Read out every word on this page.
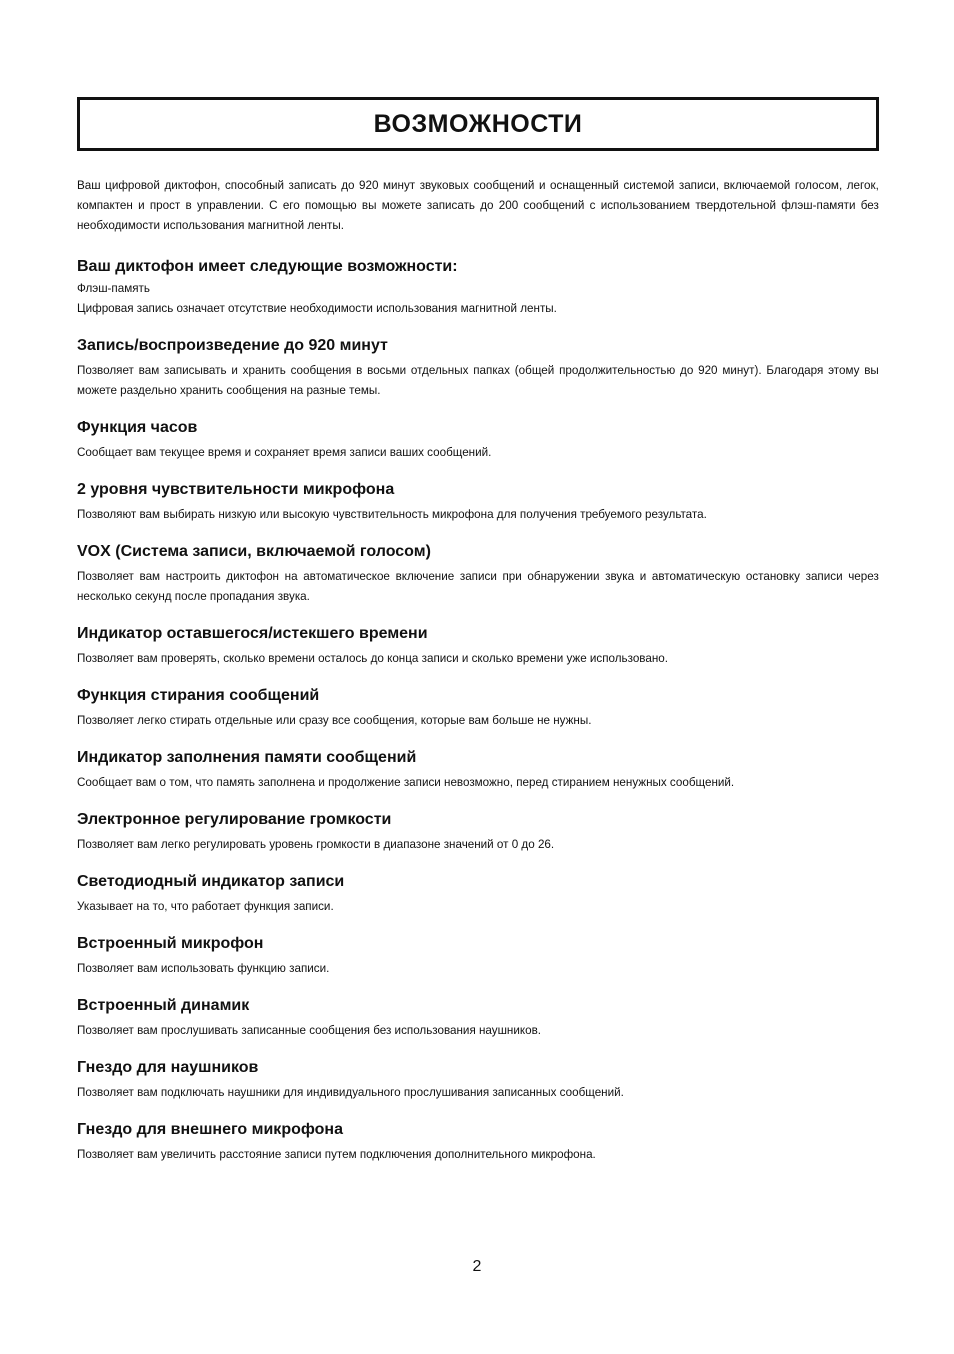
ВОЗМОЖНОСТИ

Ваш цифровой диктофон, способный записать до 920 минут звуковых сообщений и оснащенный системой записи, включаемой голосом, легок, компактен и прост в управлении. С его помощью вы можете записать до 200 сообщений с использованием твердотельной флэш-памяти без необходимости использования магнитной ленты.

Ваш диктофон имеет следующие возможности:

Флэш-память

Цифровая запись означает отсутствие необходимости использования магнитной ленты.

Запись/воспроизведение до 920 минут

Позволяет вам записывать и хранить сообщения в восьми отдельных папках (общей продолжительностью до 920 минут). Благодаря этому вы можете раздельно хранить сообщения на разные темы.

Функция часов

Сообщает вам текущее время и сохраняет время записи ваших сообщений.

2 уровня чувствительности микрофона

Позволяют вам выбирать низкую или высокую чувствительность микрофона для получения требуемого результата.

VOX (Система записи, включаемой голосом)

Позволяет вам настроить диктофон на автоматическое включение записи при обнаружении звука и автоматическую остановку записи через несколько секунд после пропадания звука.

Индикатор оставшегося/истекшего времени

Позволяет вам проверять, сколько времени осталось до конца записи и сколько времени уже использовано.

Функция стирания сообщений

Позволяет легко стирать отдельные или сразу все сообщения, которые вам больше не нужны.

Индикатор заполнения памяти сообщений

Сообщает вам о том, что память заполнена и продолжение записи невозможно, перед стиранием ненужных сообщений.

Электронное регулирование громкости

Позволяет вам легко регулировать уровень громкости в диапазоне значений от 0 до 26.

Светодиодный индикатор записи

Указывает на то, что работает функция записи.

Встроенный микрофон

Позволяет вам использовать функцию записи.

Встроенный динамик

Позволяет вам прослушивать записанные сообщения без использования наушников.

Гнездо для наушников

Позволяет вам подключать наушники для индивидуального прослушивания записанных сообщений.

Гнездо для внешнего микрофона

Позволяет вам увеличить расстояние записи путем подключения дополнительного микрофона.

2
